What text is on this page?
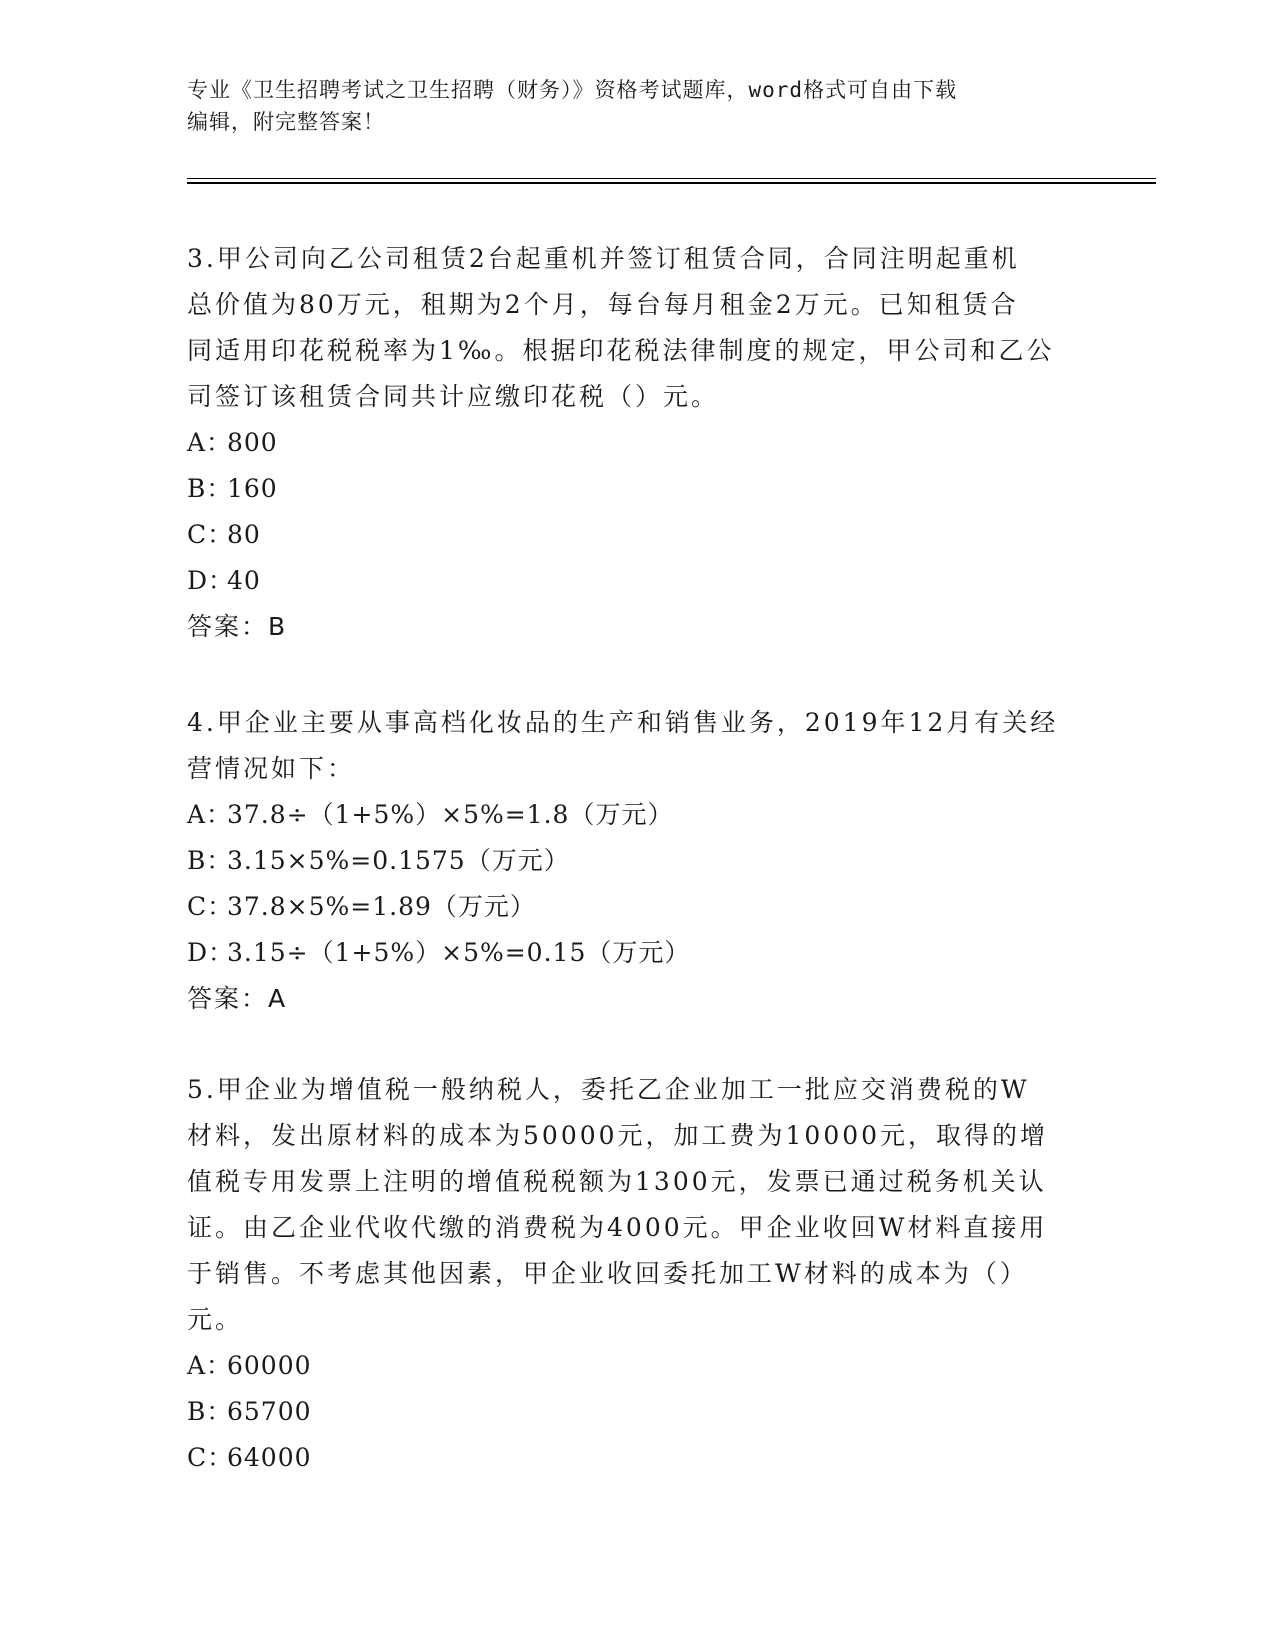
专业《卫生招聘考试之卫生招聘（财务）》资格考试题库，word格式可自由下载
编辑，附完整答案！
3.甲公司向乙公司租赁2台起重机并签订租赁合同，合同注明起重机
总价值为80万元，租期为2个月，每台每月租金2万元。已知租赁合
同适用印花税税率为1‰。根据印花税法律制度的规定，甲公司和乙公
司签订该租赁合同共计应缴印花税（）元。
A：800
B：160
C：80
D：40
答案：B
4.甲企业主要从事高档化妆品的生产和销售业务，2019年12月有关经
营情况如下：
A：37.8÷（1+5%）×5%=1.8（万元）
B：3.15×5%=0.1575（万元）
C：37.8×5%=1.89（万元）
D：3.15÷（1+5%）×5%=0.15（万元）
答案：A
5.甲企业为增值税一般纳税人，委托乙企业加工一批应交消费税的W
材料，发出原材料的成本为50000元，加工费为10000元，取得的增
值税专用发票上注明的增值税税额为1300元，发票已通过税务机关认
证。由乙企业代收代缴的消费税为4000元。甲企业收回W材料直接用
于销售。不考虑其他因素，甲企业收回委托加工W材料的成本为（）
元。
A：60000
B：65700
C：64000
